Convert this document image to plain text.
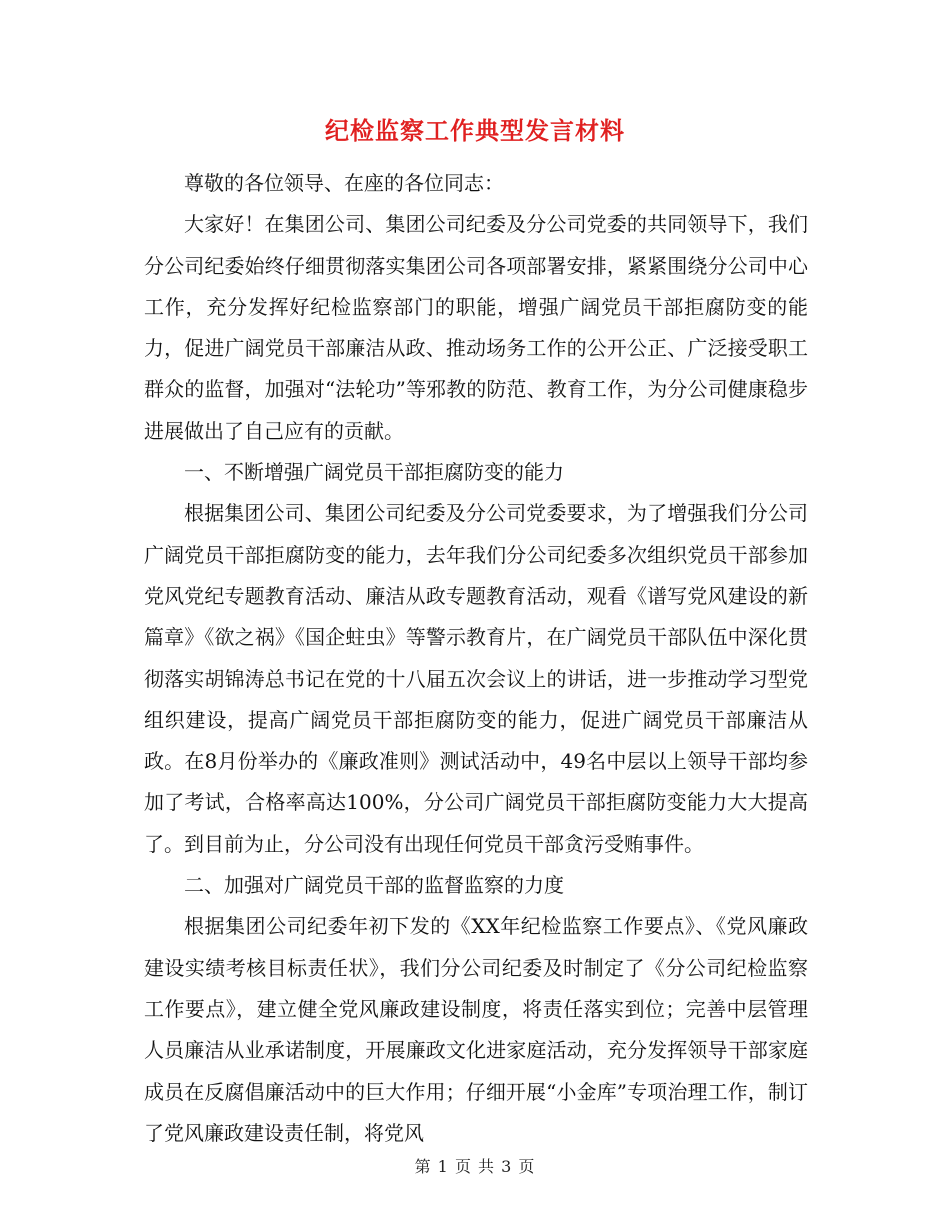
纪检监察工作典型发言材料

尊敬的各位领导、在座的各位同志：

大家好！在集团公司、集团公司纪委及分公司党委的共同领导下，我们分公司纪委始终仔细贯彻落实集团公司各项部署安排，紧紧围绕分公司中心工作，充分发挥好纪检监察部门的职能，增强广阔党员干部拒腐防变的能力，促进广阔党员干部廉洁从政、推动场务工作的公开公正、广泛接受职工群众的监督，加强对“法轮功”等邪教的防范、教育工作，为分公司健康稳步进展做出了自己应有的贡献。

一、不断增强广阔党员干部拒腐防变的能力

根据集团公司、集团公司纪委及分公司党委要求，为了增强我们分公司广阔党员干部拒腐防变的能力，去年我们分公司纪委多次组织党员干部参加党风党纪专题教育活动、廉洁从政专题教育活动，观看《谱写党风建设的新篇章》《欲之祸》《国企蛀虫》等警示教育片，在广阔党员干部队伍中深化贯彻落实胡锦涛总书记在党的十八届五次会议上的讲话，进一步推动学习型党组织建设，提高广阔党员干部拒腐防变的能力，促进广阔党员干部廉洁从政。在8月份举办的《廉政准则》测试活动中，49名中层以上领导干部均参加了考试，合格率高达100%，分公司广阔党员干部拒腐防变能力大大提高了。到目前为止，分公司没有出现任何党员干部贪污受贿事件。

二、加强对广阔党员干部的监督监察的力度

根据集团公司纪委年初下发的《XX年纪检监察工作要点》、《党风廉政建设实绩考核目标责任状》，我们分公司纪委及时制定了《分公司纪检监察工作要点》，建立健全党风廉政建设制度，将责任落实到位；完善中层管理人员廉洁从业承诺制度，开展廉政文化进家庭活动，充分发挥领导干部家庭成员在反腐倡廉活动中的巨大作用；仔细开展“小金库”专项治理工作，制订了党风廉政建设责任制，将党风

第 1 页 共 3 页
